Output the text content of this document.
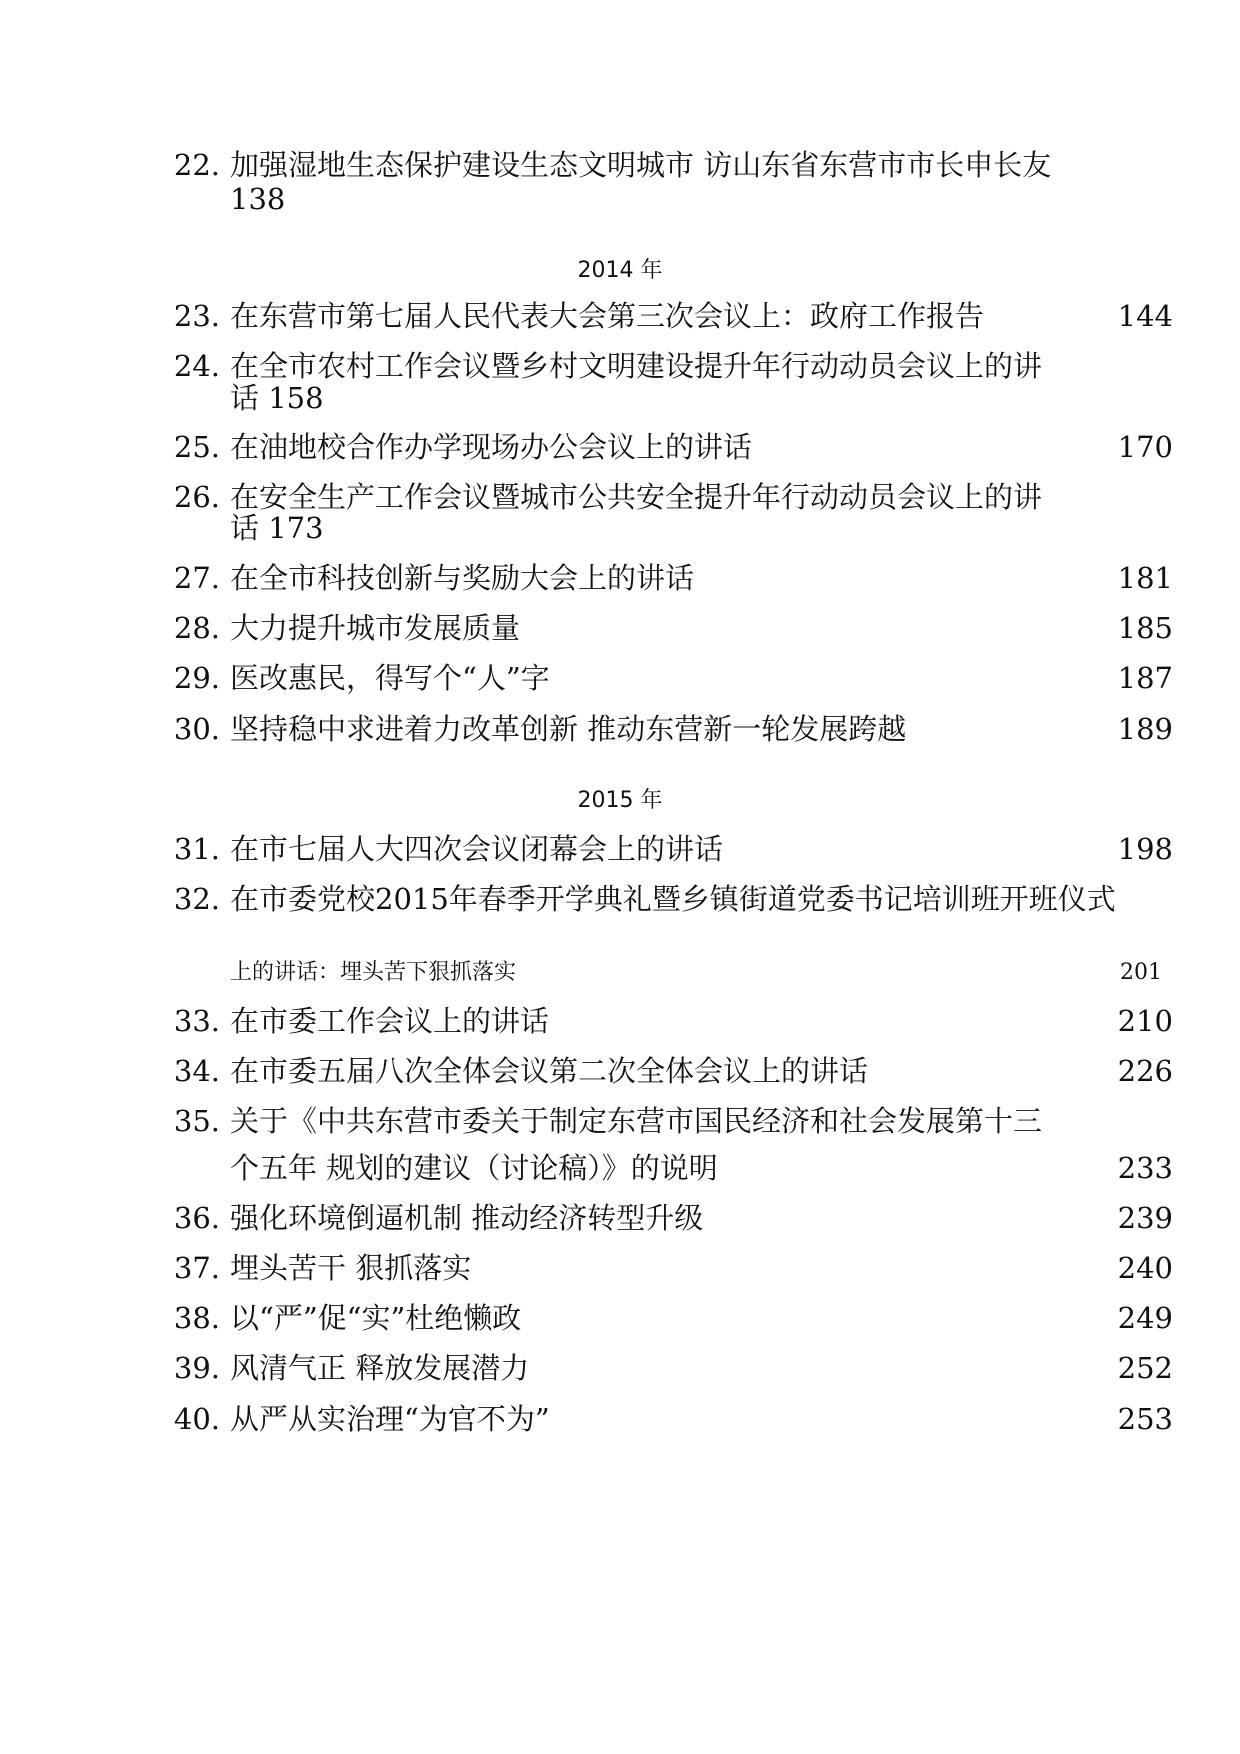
22. 加强湿地生态保护建设生态文明城市 访山东省东营市市长申长友
138
2014 年
23. 在东营市第七届人民代表大会第三次会议上：政府工作报告	144
24. 在全市农村工作会议暨乡村文明建设提升年行动动员会议上的讲
话 158
25. 在油地校合作办学现场办公会议上的讲话	170
26. 在安全生产工作会议暨城市公共安全提升年行动动员会议上的讲
话 173
27. 在全市科技创新与奖励大会上的讲话	181
28. 大力提升城市发展质量	185
29. 医改惠民，得写个“人”字	187
30. 坚持稳中求进着力改革创新 推动东营新一轮发展跨越	189
2015 年
31. 在市七届人大四次会议闭幕会上的讲话	198
32. 在市委党校2015年春季开学典礼暨乡镇街道党委书记培训班开班仪式
上的讲话：埋头苦下狠抓落实	201
33. 在市委工作会议上的讲话	210
34. 在市委五届八次全体会议第二次全体会议上的讲话	226
35. 关于《中共东营市委关于制定东营市国民经济和社会发展第十三
个五年 规划的建议（讨论稿）》的说明	233
36. 强化环境倒逼机制 推动经济转型升级	239
37. 埋头苦干 狠抓落实	240
38. 以“严”促“实”杜绝懒政	249
39. 风清气正 释放发展潜力	252
40. 从严从实治理“为官不为”	253
